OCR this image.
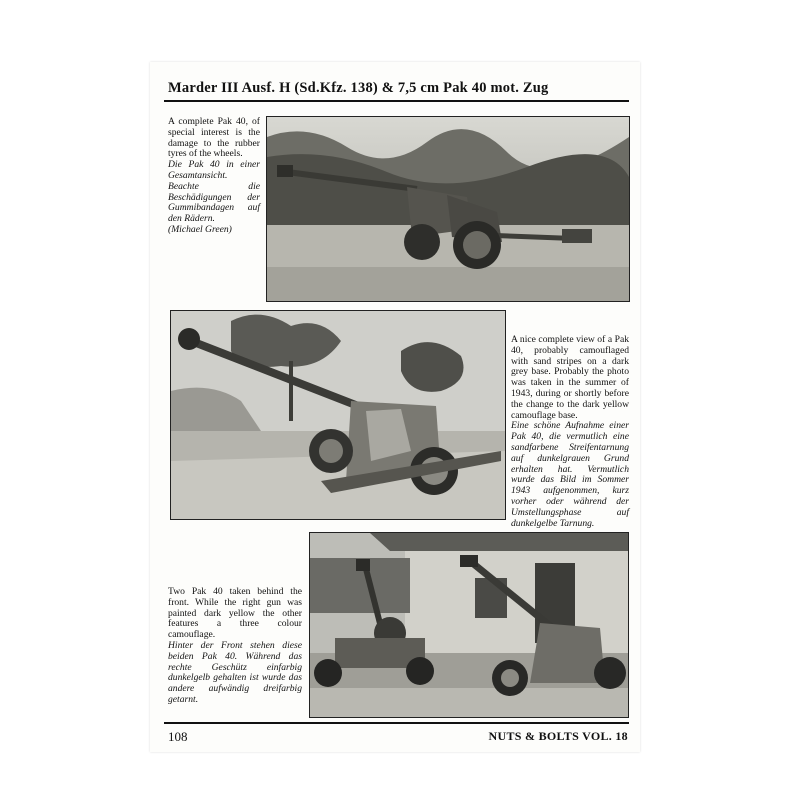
Marder III Ausf. H (Sd.Kfz. 138) & 7,5 cm Pak 40 mot. Zug

A complete Pak 40, of special interest is the damage to the rubber tyres of the wheels.

Die Pak 40 in einer Gesamtansicht. Beachte die Beschädigungen der Gummibandagen auf den Rädern.

(Michael Green)

A nice complete view of a Pak 40, probably camouflaged with sand stripes on a dark grey base. Probably the photo was taken in the summer of 1943, during or shortly before the change to the dark yellow camouflage base.

Eine schöne Aufnahme einer Pak 40, die vermutlich eine sandfarbene Streifentarnung auf dunkelgrauen Grund erhalten hat. Vermutlich wurde das Bild im Sommer 1943 aufgenommen, kurz vorher oder während der Umstellungsphase auf dunkelgelbe Tarnung.

Two Pak 40 taken behind the front. While the right gun was painted dark yellow the other features a three colour camouflage.

Hinter der Front stehen diese beiden Pak 40. Während das rechte Geschütz einfarbig dunkelgelb gehalten ist wurde das andere aufwändig dreifarbig getarnt.

108	NUTS & BOLTS VOL. 18
